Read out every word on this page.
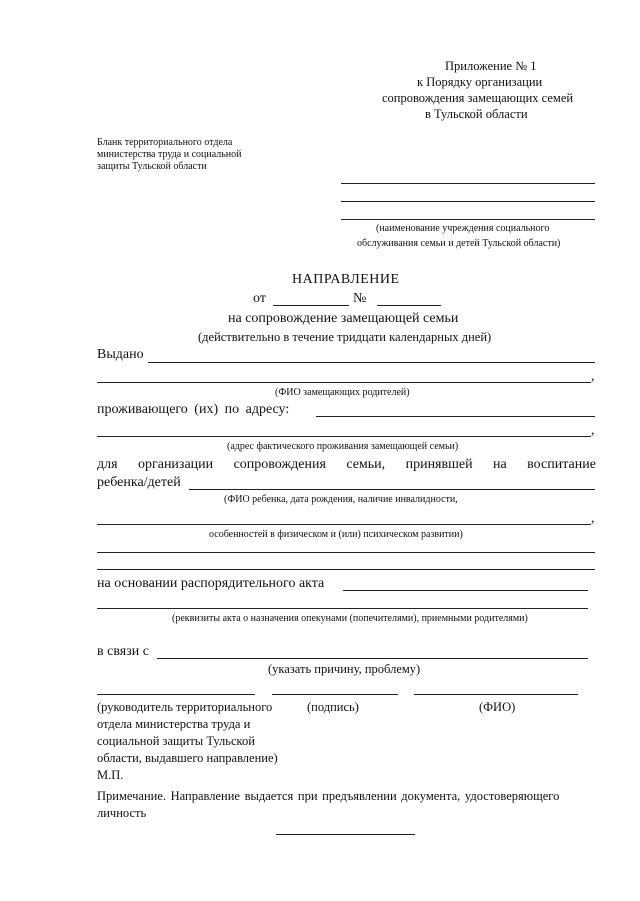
Приложение № 1
к Порядку организации
сопровождения замещающих семей
в Тульской области
Бланк территориального отдела
министерства труда и социальной
защиты Тульской области
(наименование учреждения социального
обслуживания семьи и детей Тульской области)
НАПРАВЛЕНИЕ
от	№
на сопровождение замещающей семьи
(действительно в течение тридцати календарных дней)
Выдано
,
(ФИО замещающих родителей)
проживающего (их) по адресу:
,
(адрес фактического проживания замещающей семьи)
для организации сопровождения семьи, принявшей на воспитание
ребенка/детей
(ФИО ребенка, дата рождения, наличие инвалидности,
,
особенностей в физическом и (или) психическом развитии)
на основании распорядительного акта
(реквизиты акта о назначения опекунами (попечителями), приемными родителями)
в связи с
(указать причину, проблему)
(руководитель территориального
отдела министерства труда и
социальной защиты Тульской
области, выдавшего направление)
(подпись)	(ФИО)
М.П.
Примечание. Направление выдается при предъявлении документа, удостоверяющего
личность
